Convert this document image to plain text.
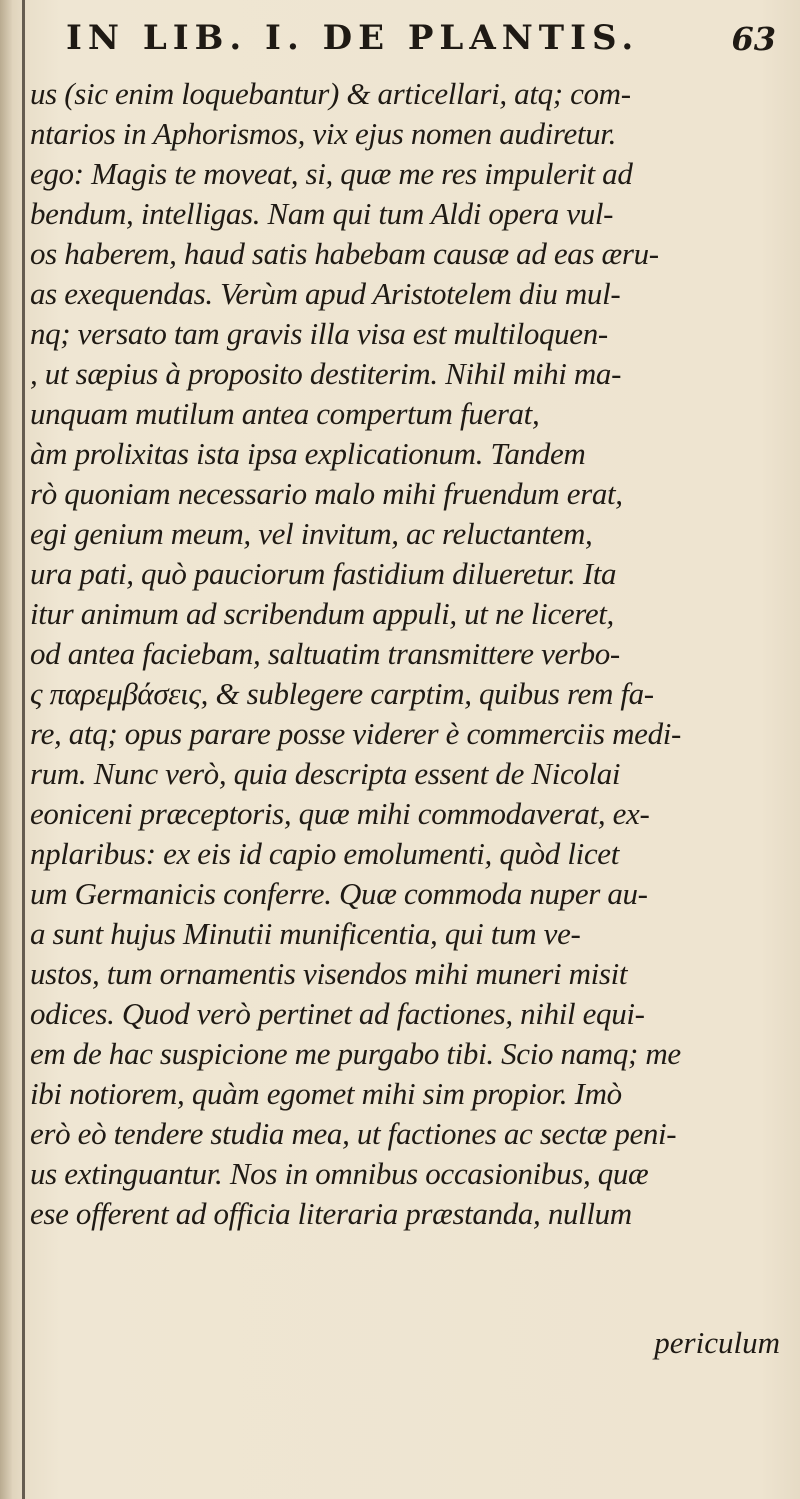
IN LIB. I. DE PLANTIS.	63
us (sic enim loquebantur) & articellari, atq; com-
ntarios in Aphorismos, vix ejus nomen audiretur.
ego: Magis te moveat, si, quæ me res impulerit ad
bendum, intelligas. Nam qui tum Aldi opera vul-
os haberem, haud satis habebam causæ ad eas æru-
as exequendas. Verùm apud Aristotelem diu mul-
nq; versato tam gravis illa visa est multiloquen-
, ut sæpius à proposito destiterim. Nihil mihi ma-
unquam mutilum antea compertum fuerat,
àm prolixitas ista ipsa explicationum. Tandem
rò quoniam necessario malo mihi fruendum erat,
egi genium meum, vel invitum, ac reluctantem,
ura pati, quò pauciorum fastidium dilueretur. Ita
itur animum ad scribendum appuli, ut ne liceret,
od antea faciebam, saltuatim transmittere verbo-
ς παρεμβάσεις, & sublegere carptim, quibus rem fa-
re, atq; opus parare posse viderer è commerciis medi-
rum. Nunc verò, quia descripta essent de Nicolai
eoniceni præceptoris, quæ mihi commodaverat, ex-
nplaribus: ex eis id capio emolumenti, quòd licet
um Germanicis conferre. Quæ commoda nuper au-
a sunt hujus Minutii munificentia, qui tum ve-
ustos, tum ornamentis visendos mihi muneri misit
odices. Quod verò pertinet ad factiones, nihil equi-
em de hac suspicione me purgabo tibi. Scio namq; me
ibi notiorem, quàm egomet mihi sim propior. Imò
erò eò tendere studia mea, ut factiones ac sectæ peni-
us extinguantur. Nos in omnibus occasionibus, quæ
ese offerent ad officia literaria præstanda, nullum
periculum
